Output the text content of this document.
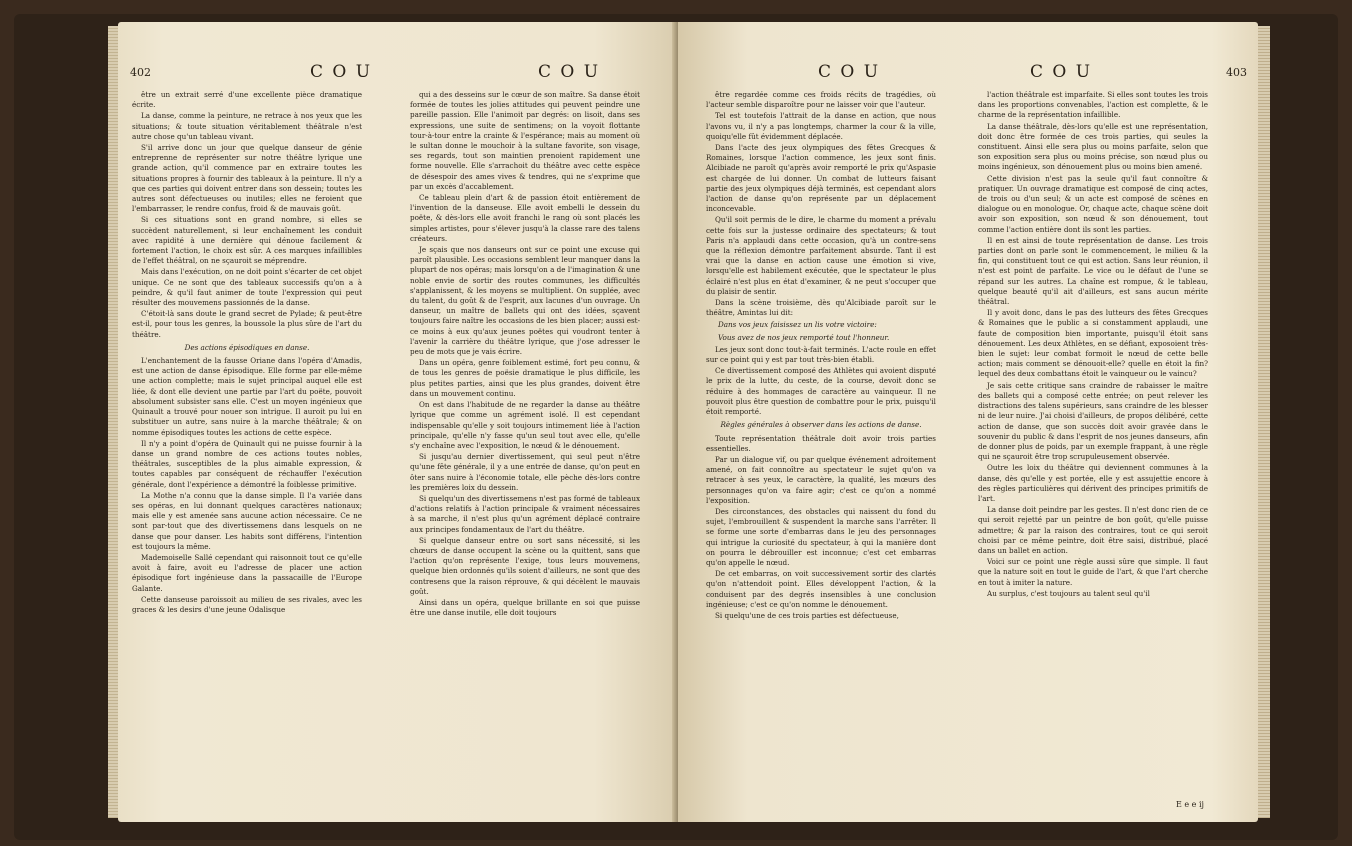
402	C O U	C O U

être un extrait serré d'une excellente pièce dramatique écrite.

La danse, comme la peinture, ne retrace à nos yeux que les situations; & toute situation véritablement théâtrale n'est autre chose qu'un tableau vivant.

S'il arrive donc un jour que quelque danseur de génie entreprenne de représenter sur notre théâtre lyrique une grande action, qu'il commence par en extraire toutes les situations propres à fournir des tableaux à la peinture. Il n'y a que ces parties qui doivent entrer dans son dessein; toutes les autres sont défectueuses ou inutiles; elles ne feroient que l'embarrasser, le rendre confus, froid & de mauvais goût.

Si ces situations sont en grand nombre, si elles se succèdent naturellement, si leur enchaînement les conduit avec rapidité à une dernière qui dénoue facilement & fortement l'action, le choix est sûr. A ces marques infaillibles de l'effet théâtral, on ne sçauroit se méprendre.

Mais dans l'exécution, on ne doit point s'écarter de cet objet unique. Ce ne sont que des tableaux successifs qu'on a à peindre, & qu'il faut animer de toute l'expression qui peut résulter des mouvemens passionnés de la danse.

C'étoit-là sans doute le grand secret de Pylade; & peut-être est-il, pour tous les genres, la boussole la plus sûre de l'art du théâtre.

Des actions épisodiques en danse.

L'enchantement de la fausse Oriane dans l'opéra d'Amadis, est une action de danse épisodique. Elle forme par elle-même une action complette; mais le sujet principal auquel elle est liée, & dont elle devient une partie par l'art du poëte, pouvoit absolument subsister sans elle. C'est un moyen ingénieux que Quinault a trouvé pour nouer son intrigue. Il auroit pu lui en substituer un autre, sans nuire à la marche théâtrale; & on nomme épisodiques toutes les actions de cette espèce.

Il n'y a point d'opéra de Quinault qui ne puisse fournir à la danse un grand nombre de ces actions toutes nobles, théâtrales, susceptibles de la plus aimable expression, & toutes capables par conséquent de réchauffer l'exécution générale, dont l'expérience a démontré la foiblesse primitive.

La Mothe n'a connu que la danse simple. Il l'a variée dans ses opéras, en lui donnant quelques caractères nationaux; mais elle y est amenée sans aucune action nécessaire. Ce ne sont par-tout que des divertissemens dans lesquels on ne danse que pour danser. Les habits sont différens, l'intention est toujours la même.

Mademoiselle Sallé cependant qui raisonnoit tout ce qu'elle avoit à faire, avoit eu l'adresse de placer une action épisodique fort ingénieuse dans la passacaille de l'Europe Galante.

Cette danseuse paroissoit au milieu de ses rivales, avec les graces & les desirs d'une jeune Odalisque

qui a des desseins sur le cœur de son maître. Sa danse étoit formée de toutes les jolies attitudes qui peuvent peindre une pareille passion. Elle l'animoit par degrés: on lisoit, dans ses expressions, une suite de sentimens; on la voyoit flottante tour-à-tour entre la crainte & l'espérance; mais au moment où le sultan donne le mouchoir à la sultane favorite, son visage, ses regards, tout son maintien prenoient rapidement une forme nouvelle. Elle s'arrachoit du théâtre avec cette espèce de désespoir des ames vives & tendres, qui ne s'exprime que par un excès d'accablement.

Ce tableau plein d'art & de passion étoit entièrement de l'invention de la danseuse. Elle avoit embelli le dessein du poëte, & dès-lors elle avoit franchi le rang où sont placés les simples artistes, pour s'élever jusqu'à la classe rare des talens créateurs.

Je sçais que nos danseurs ont sur ce point une excuse qui paroît plausible. Les occasions semblent leur manquer dans la plupart de nos opéras; mais lorsqu'on a de l'imagination & une noble envie de sortir des routes communes, les difficultés s'applanissent, & les moyens se multiplient. On supplée, avec du talent, du goût & de l'esprit, aux lacunes d'un ouvrage. Un danseur, un maître de ballets qui ont des idées, sçavent toujours faire naître les occasions de les bien placer; aussi est-ce moins à eux qu'aux jeunes poëtes qui voudront tenter à l'avenir la carrière du théâtre lyrique, que j'ose adresser le peu de mots que je vais écrire.

Dans un opéra, genre foiblement estimé, fort peu connu, & de tous les genres de poësie dramatique le plus difficile, les plus petites parties, ainsi que les plus grandes, doivent être dans un mouvement continu.

On est dans l'habitude de ne regarder la danse au théâtre lyrique que comme un agrément isolé. Il est cependant indispensable qu'elle y soit toujours intimement liée à l'action principale, qu'elle n'y fasse qu'un seul tout avec elle, qu'elle s'y enchaîne avec l'exposition, le nœud & le dénouement.

Si jusqu'au dernier divertissement, qui seul peut n'être qu'une fête générale, il y a une entrée de danse, qu'on peut en ôter sans nuire à l'économie totale, elle pèche dès-lors contre les premières loix du dessein.

Si quelqu'un des divertissemens n'est pas formé de tableaux d'actions relatifs à l'action principale & vraiment nécessaires à sa marche, il n'est plus qu'un agrément déplacé contraire aux principes fondamentaux de l'art du théâtre.

Si quelque danseur entre ou sort sans nécessité, si les chœurs de danse occupent la scène ou la quittent, sans que l'action qu'on représente l'exige, tous leurs mouvemens, quelque bien ordonnés qu'ils soient d'ailleurs, ne sont que des contresens que la raison réprouve, & qui décèlent le mauvais goût.

Ainsi dans un opéra, quelque brillante en soi que puisse être une danse inutile, elle doit toujours

C O U	C O U	403

être regardée comme ces froids récits de tragédies, où l'acteur semble disparoître pour ne laisser voir que l'auteur.

Tel est toutefois l'attrait de la danse en action, que nous l'avons vu, il n'y a pas longtemps, charmer la cour & la ville, quoiqu'elle fût évidemment déplacée.

Dans l'acte des jeux olympiques des fêtes Grecques & Romaines, lorsque l'action commence, les jeux sont finis. Alcibiade ne paroît qu'après avoir remporté le prix qu'Aspasie est chargée de lui donner. Un combat de lutteurs faisant partie des jeux olympiques déjà terminés, est cependant alors l'action de danse qu'on représente par un déplacement inconcevable.

Qu'il soit permis de le dire, le charme du moment a prévalu cette fois sur la justesse ordinaire des spectateurs; & tout Paris n'a applaudi dans cette occasion, qu'à un contre-sens que la réflexion démontre parfaitement absurde. Tant il est vrai que la danse en action cause une émotion si vive, lorsqu'elle est habilement exécutée, que le spectateur le plus éclairé n'est plus en état d'examiner, & ne peut s'occuper que du plaisir de sentir.

Dans la scène troisième, dès qu'Alcibiade paroît sur le théâtre, Amintas lui dit:

Dans vos jeux faisissez un lis votre victoire:

Vous avez de nos jeux remporté tout l'honneur.

Les jeux sont donc tout-à-fait terminés. L'acte roule en effet sur ce point qui y est par tout très-bien établi.

Ce divertissement composé des Athlètes qui avoient disputé le prix de la lutte, du ceste, de la course, devoit donc se réduire à des hommages de caractère au vainqueur. Il ne pouvoit plus être question de combattre pour le prix, puisqu'il étoit remporté.

Règles générales à observer dans les actions de danse.

Toute représentation théâtrale doit avoir trois parties essentielles.

Par un dialogue vif, ou par quelque événement adroitement amené, on fait connoître au spectateur le sujet qu'on va retracer à ses yeux, le caractère, la qualité, les mœurs des personnages qu'on va faire agir; c'est ce qu'on a nommé l'exposition.

Des circonstances, des obstacles qui naissent du fond du sujet, l'embrouillent & suspendent la marche sans l'arrêter. Il se forme une sorte d'embarras dans le jeu des personnages qui intrigue la curiosité du spectateur, à qui la manière dont on pourra le débrouiller est inconnue; c'est cet embarras qu'on appelle le nœud.

De cet embarras, on voit successivement sortir des clartés qu'on n'attendoit point. Elles développent l'action, & la conduisent par des degrés insensibles à une conclusion ingénieuse; c'est ce qu'on nomme le dénouement.

Si quelqu'une de ces trois parties est défectueuse,

l'action théâtrale est imparfaite. Si elles sont toutes les trois dans les proportions convenables, l'action est complette, & le charme de la représentation infaillible.

La danse théâtrale, dès-lors qu'elle est une représentation, doit donc être formée de ces trois parties, qui seules la constituent. Ainsi elle sera plus ou moins parfaite, selon que son exposition sera plus ou moins précise, son nœud plus ou moins ingénieux, son dénouement plus ou moins bien amené.

Cette division n'est pas la seule qu'il faut connoître & pratiquer. Un ouvrage dramatique est composé de cinq actes, de trois ou d'un seul; & un acte est composé de scènes en dialogue ou en monologue. Or, chaque acte, chaque scène doit avoir son exposition, son nœud & son dénouement, tout comme l'action entière dont ils sont les parties.

Il en est ainsi de toute représentation de danse. Les trois parties dont on parle sont le commencement, le milieu & la fin, qui constituent tout ce qui est action. Sans leur réunion, il n'est est point de parfaite. Le vice ou le défaut de l'une se répand sur les autres. La chaîne est rompue, & le tableau, quelque beauté qu'il ait d'ailleurs, est sans aucun mérite théâtral.

Il y avoit donc, dans le pas des lutteurs des fêtes Grecques & Romaines que le public a si constamment applaudi, une faute de composition bien importante, puisqu'il étoit sans dénouement. Les deux Athlètes, en se défiant, exposoient très-bien le sujet: leur combat formoit le nœud de cette belle action; mais comment se dénouoit-elle? quelle en étoit la fin? lequel des deux combattans étoit le vainqueur ou le vaincu?

Je sais cette critique sans craindre de rabaisser le maître des ballets qui a composé cette entrée; on peut relever les distractions des talens supérieurs, sans craindre de les blesser ni de leur nuire. J'ai choisi d'ailleurs, de propos délibéré, cette action de danse, que son succès doit avoir gravée dans le souvenir du public & dans l'esprit de nos jeunes danseurs, afin de donner plus de poids, par un exemple frappant, à une règle qui ne sçauroit être trop scrupuleusement observée.

Outre les loix du théâtre qui deviennent communes à la danse, dès qu'elle y est portée, elle y est assujettie encore à des règles particulières qui dérivent des principes primitifs de l'art.

La danse doit peindre par les gestes. Il n'est donc rien de ce qui seroit rejetté par un peintre de bon goût, qu'elle puisse admettre; & par la raison des contraires, tout ce qui seroit choisi par ce même peintre, doit être saisi, distribué, placé dans un ballet en action.

Voici sur ce point une règle aussi sûre que simple. Il faut que la nature soit en tout le guide de l'art, & que l'art cherche en tout à imiter la nature.

Au surplus, c'est toujours au talent seul qu'il

E e e ij
